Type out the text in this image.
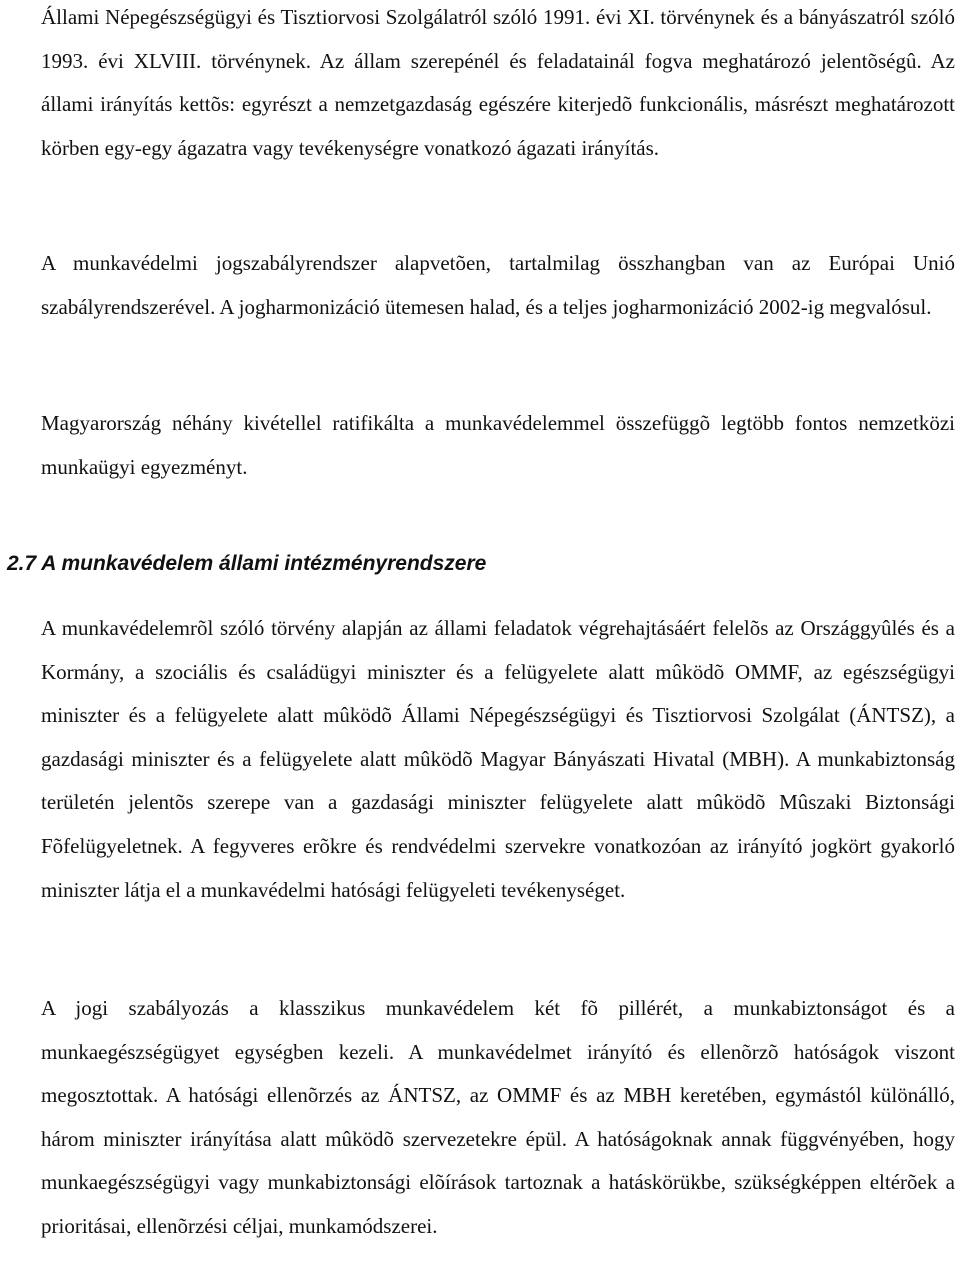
Állami Népegészségügyi és Tisztiorvosi Szolgálatról szóló 1991. évi XI. törvénynek és a bányászatról szóló 1993. évi XLVIII. törvénynek. Az állam szerepénél és feladatainál fogva meghatározó jelentõségû. Az állami irányítás kettõs: egyrészt a nemzetgazdaság egészére kiterjedõ funkcionális, másrészt meghatározott körben egy-egy ágazatra vagy tevékenységre vonatkozó ágazati irányítás.

A munkavédelmi jogszabályrendszer alapvetõen, tartalmilag összhangban van az Európai Unió szabályrendszerével. A jogharmonizáció ütemesen halad, és a teljes jogharmonizáció 2002-ig megvalósul.

Magyarország néhány kivétellel ratifikálta a munkavédelemmel összefüggõ legtöbb fontos nemzetközi munkaügyi egyezményt.

2.7 A munkavédelem állami intézményrendszere

A munkavédelemrõl szóló törvény alapján az állami feladatok végrehajtásáért felelõs az Országgyûlés és a Kormány, a szociális és családügyi miniszter és a felügyelete alatt mûködõ OMMF, az egészségügyi miniszter és a felügyelete alatt mûködõ Állami Népegészségügyi és Tisztiorvosi Szolgálat (ÁNTSZ), a gazdasági miniszter és a felügyelete alatt mûködõ Magyar Bányászati Hivatal (MBH). A munkabiztonság területén jelentõs szerepe van a gazdasági miniszter felügyelete alatt mûködõ Mûszaki Biztonsági Fõfelügyeletnek. A fegyveres erõkre és rendvédelmi szervekre vonatkozóan az irányító jogkört gyakorló miniszter látja el a munkavédelmi hatósági felügyeleti tevékenységet.

A jogi szabályozás a klasszikus munkavédelem két fõ pillérét, a munkabiztonságot és a munkaegészségügyet egységben kezeli. A munkavédelmet irányító és ellenõrzõ hatóságok viszont megosztottak. A hatósági ellenõrzés az ÁNTSZ, az OMMF és az MBH keretében, egymástól különálló, három miniszter irányítása alatt mûködõ szervezetekre épül. A hatóságoknak annak függvényében, hogy munkaegészségügyi vagy munkabiztonsági elõírások tartoznak a hatáskörükbe, szükségképpen eltérõek a prioritásai, ellenõrzési céljai, munkamódszerei.
